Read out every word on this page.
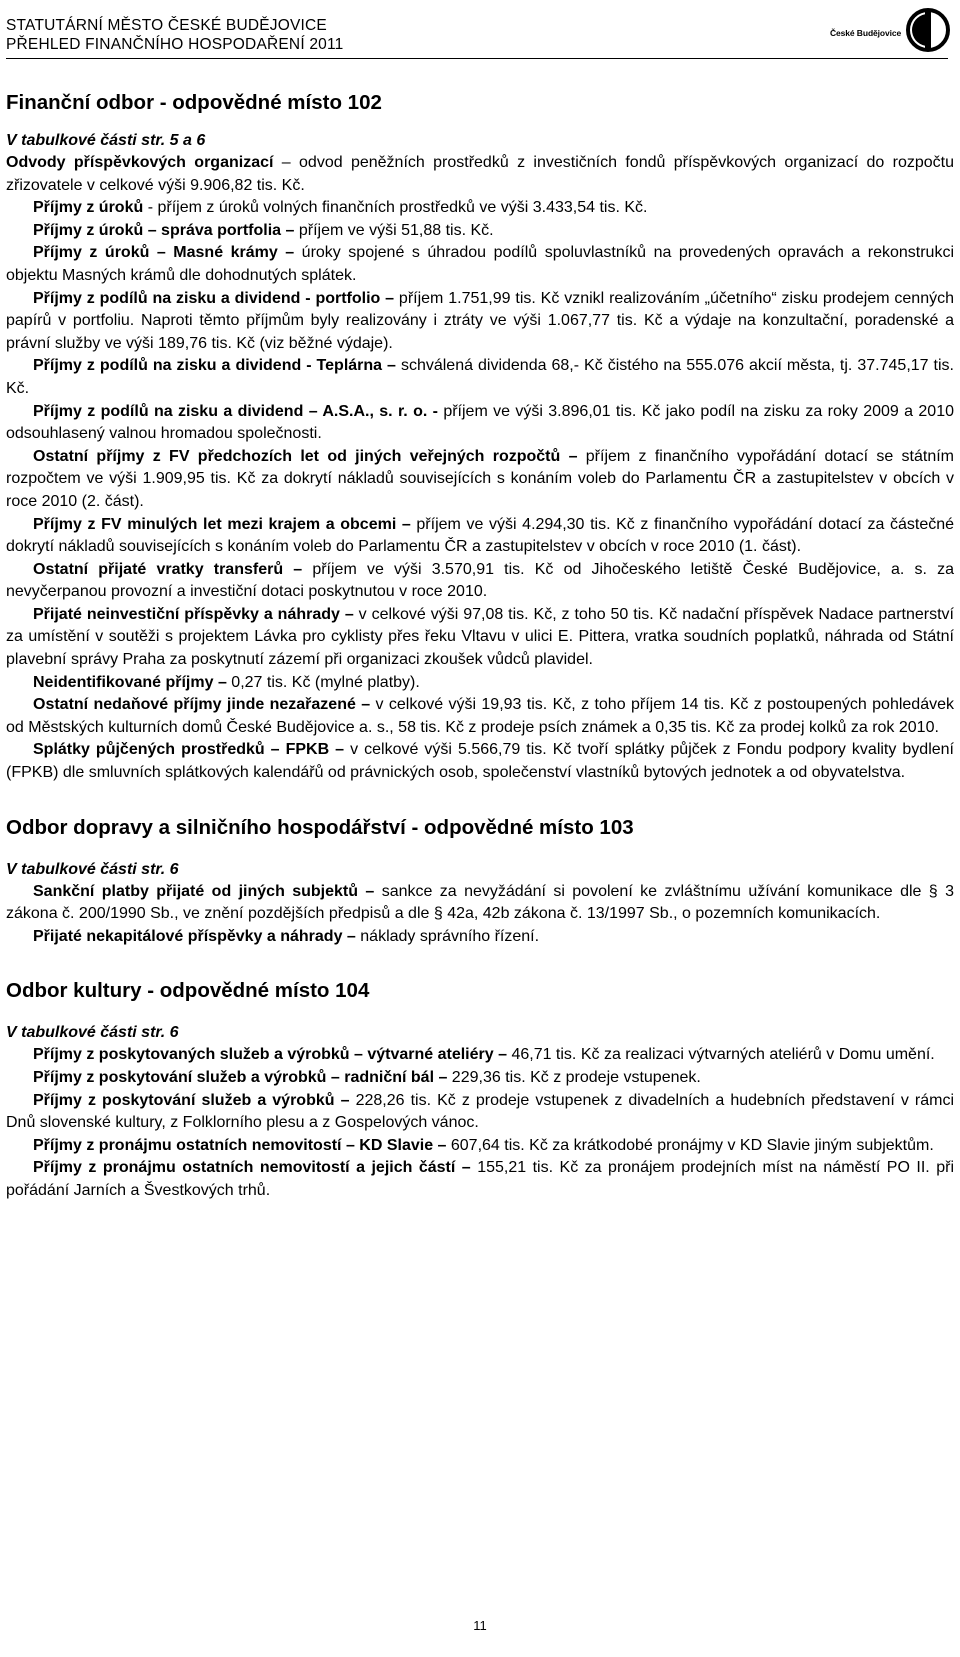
STATUTÁRNÍ MĚSTO ČESKÉ BUDĚJOVICE
PŘEHLED FINANČNÍHO HOSPODAŘENÍ 2011
České Budějovice
Finanční odbor - odpovědné místo 102

V tabulkové části str. 5 a 6

Odvody příspěvkových organizací – odvod peněžních prostředků z investičních fondů příspěvkových organizací do rozpočtu zřizovatele v celkové výši 9.906,82 tis. Kč.

Příjmy z úroků - příjem z úroků volných finančních prostředků ve výši 3.433,54 tis. Kč.

Příjmy z úroků – správa portfolia – příjem ve výši 51,88 tis. Kč.

Příjmy z úroků – Masné krámy – úroky spojené s úhradou podílů spoluvlastníků na provedených opravách a rekonstrukci objektu Masných krámů dle dohodnutých splátek.

Příjmy z podílů na zisku a dividend - portfolio – příjem 1.751,99 tis. Kč vznikl realizováním „účetního“ zisku prodejem cenných papírů v portfoliu. Naproti těmto příjmům byly realizovány i ztráty ve výši 1.067,77 tis. Kč a výdaje na konzultační, poradenské a právní služby ve výši 189,76 tis. Kč (viz běžné výdaje).

Příjmy z podílů na zisku a dividend - Teplárna – schválená dividenda 68,- Kč čistého na 555.076 akcií města, tj. 37.745,17 tis. Kč.

Příjmy z podílů na zisku a dividend – A.S.A., s. r. o. - příjem ve výši 3.896,01 tis. Kč jako podíl na zisku za roky 2009 a 2010 odsouhlasený valnou hromadou společnosti.

Ostatní příjmy z FV předchozích let od jiných veřejných rozpočtů – příjem z finančního vypořádání dotací se státním rozpočtem ve výši 1.909,95 tis. Kč za dokrytí nákladů souvisejících s konáním voleb do Parlamentu ČR a zastupitelstev v obcích v roce 2010 (2. část).

Příjmy z FV minulých let mezi krajem a obcemi – příjem ve výši 4.294,30 tis. Kč z finančního vypořádání dotací za částečné dokrytí nákladů souvisejících s konáním voleb do Parlamentu ČR a zastupitelstev v obcích v roce 2010 (1. část).

Ostatní přijaté vratky transferů – příjem ve výši 3.570,91 tis. Kč od Jihočeského letiště České Budějovice, a. s. za nevyčerpanou provozní a investiční dotaci poskytnutou v roce 2010.

Přijaté neinvestiční příspěvky a náhrady – v celkové výši 97,08 tis. Kč, z toho 50 tis. Kč nadační příspěvek Nadace partnerství za umístění v soutěži s projektem Lávka pro cyklisty přes řeku Vltavu v ulici E. Pittera, vratka soudních poplatků, náhrada od Státní plavební správy Praha za poskytnutí zázemí při organizaci zkoušek vůdců plavidel.

Neidentifikované příjmy – 0,27 tis. Kč (mylné platby).

Ostatní nedaňové příjmy jinde nezařazené – v celkové výši 19,93 tis. Kč, z toho příjem 14 tis. Kč z postoupených pohledávek od Městských kulturních domů České Budějovice a. s., 58 tis. Kč z prodeje psích známek a 0,35 tis. Kč za prodej kolků za rok 2010.

Splátky půjčených prostředků – FPKB – v celkové výši 5.566,79 tis. Kč tvoří splátky půjček z Fondu podpory kvality bydlení (FPKB) dle smluvních splátkových kalendářů od právnických osob, společenství vlastníků bytových jednotek a od obyvatelstva.

Odbor dopravy a silničního hospodářství - odpovědné místo 103

V tabulkové části str. 6

Sankční platby přijaté od jiných subjektů – sankce za nevyžádání si povolení ke zvláštnímu užívání komunikace dle § 3 zákona č. 200/1990 Sb., ve znění pozdějších předpisů a dle § 42a, 42b zákona č. 13/1997 Sb., o pozemních komunikacích.

Přijaté nekapitálové příspěvky a náhrady – náklady správního řízení.

Odbor kultury - odpovědné místo 104

V tabulkové části str. 6

Příjmy z poskytovaných služeb a výrobků – výtvarné ateliéry – 46,71 tis. Kč za realizaci výtvarných ateliérů v Domu umění.

Příjmy z poskytování služeb a výrobků – radniční bál – 229,36 tis. Kč z prodeje vstupenek.

Příjmy z poskytování služeb a výrobků – 228,26 tis. Kč z prodeje vstupenek z divadelních a hudebních představení v rámci Dnů slovenské kultury, z Folklorního plesu a z Gospelových vánoc.

Příjmy z pronájmu ostatních nemovitostí – KD Slavie – 607,64 tis. Kč za krátkodobé pronájmy v KD Slavie jiným subjektům.

Příjmy z pronájmu ostatních nemovitostí a jejich částí – 155,21 tis. Kč za pronájem prodejních míst na náměstí PO II. při pořádání Jarních a Švestkových trhů.

11
